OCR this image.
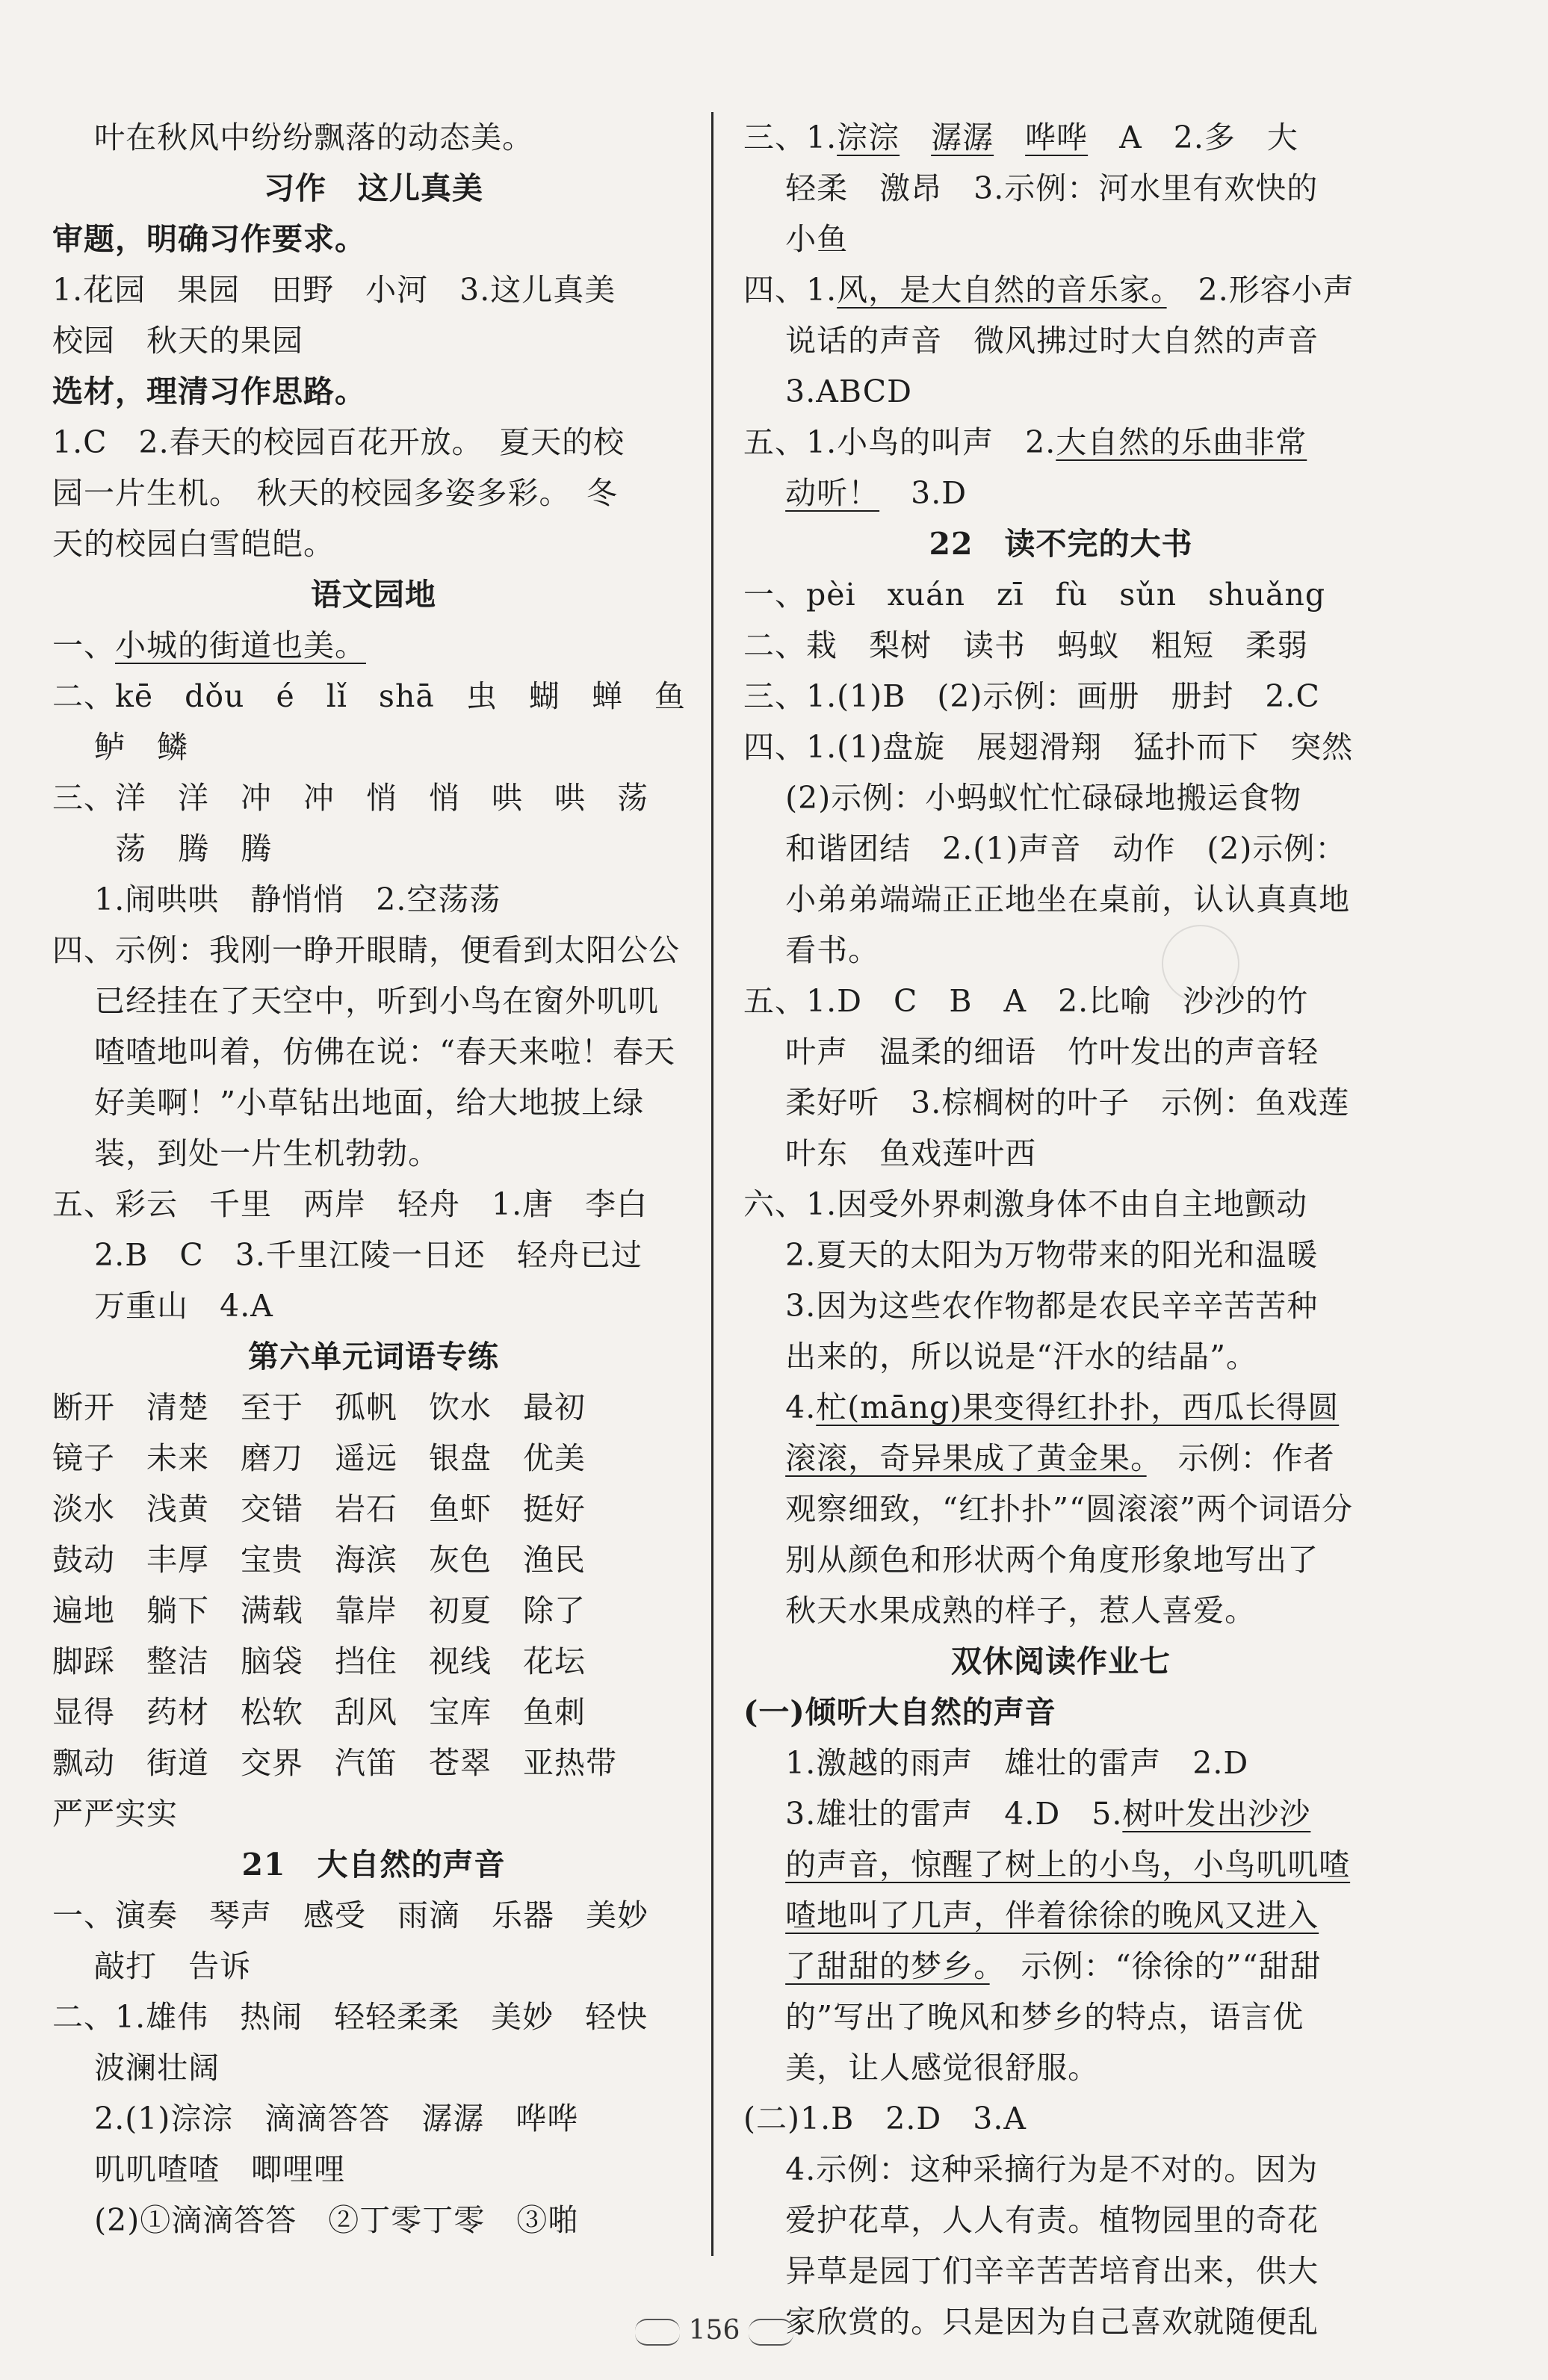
叶在秋风中纷纷飘落的动态美。
习作　这儿真美
审题，明确习作要求。
1.花园　果园　田野　小河　3.这儿真美
校园　秋天的果园
选材，理清习作思路。
1.C　2.春天的校园百花开放。　夏天的校
园一片生机。　秋天的校园多姿多彩。　冬
天的校园白雪皑皑。
语文园地
一、小城的街道也美。
二、kē　dǒu　é　lǐ　shā　虫　蝴　蝉　鱼
鲈　鳞
三、洋　洋　冲　冲　悄　悄　哄　哄　荡
荡　腾　腾
1.闹哄哄　静悄悄　2.空荡荡
四、示例：我刚一睁开眼睛，便看到太阳公公
已经挂在了天空中，听到小鸟在窗外叽叽
喳喳地叫着，仿佛在说：“春天来啦！春天
好美啊！”小草钻出地面，给大地披上绿
装，到处一片生机勃勃。
五、彩云　千里　两岸　轻舟　1.唐　李白
2.B　C　3.千里江陵一日还　轻舟已过
万重山　4.A
第六单元词语专练
断开　清楚　至于　孤帆　饮水　最初
镜子　未来　磨刀　遥远　银盘　优美
淡水　浅黄　交错　岩石　鱼虾　挺好
鼓动　丰厚　宝贵　海滨　灰色　渔民
遍地　躺下　满载　靠岸　初夏　除了
脚踩　整洁　脑袋　挡住　视线　花坛
显得　药材　松软　刮风　宝库　鱼刺
飘动　街道　交界　汽笛　苍翠　亚热带
严严实实
21　大自然的声音
一、演奏　琴声　感受　雨滴　乐器　美妙
敲打　告诉
二、1.雄伟　热闹　轻轻柔柔　美妙　轻快
波澜壮阔
2.(1)淙淙　滴滴答答　潺潺　哗哗
叽叽喳喳　唧哩哩
(2)①滴滴答答　②丁零丁零　③啪
三、1.淙淙　 潺潺　 哗哗　A　2.多　大
轻柔　激昂　3.示例：河水里有欢快的
小鱼
四、1.风，是大自然的音乐家。　2.形容小声
说话的声音　微风拂过时大自然的声音
3.ABCD
五、1.小鸟的叫声　2.大自然的乐曲非常
动听！　3.D
22　读不完的大书
一、pèi　xuán　zī　fù　sǔn　shuǎng
二、栽　梨树　读书　蚂蚁　粗短　柔弱
三、1.(1)B　(2)示例：画册　册封　2.C
四、1.(1)盘旋　展翅滑翔　猛扑而下　突然
(2)示例：小蚂蚁忙忙碌碌地搬运食物
和谐团结　2.(1)声音　动作　(2)示例：
小弟弟端端正正地坐在桌前，认认真真地
看书。
五、1.D　C　B　A　2.比喻　沙沙的竹
叶声　温柔的细语　竹叶发出的声音轻
柔好听　3.棕榈树的叶子　示例：鱼戏莲
叶东　鱼戏莲叶西
六、1.因受外界刺激身体不由自主地颤动
2.夏天的太阳为万物带来的阳光和温暖
3.因为这些农作物都是农民辛辛苦苦种
出来的，所以说是“汗水的结晶”。
4.杧(māng)果变得红扑扑，西瓜长得圆
滚滚，奇异果成了黄金果。　示例：作者
观察细致，“红扑扑”“圆滚滚”两个词语分
别从颜色和形状两个角度形象地写出了
秋天水果成熟的样子，惹人喜爱。
双休阅读作业七
(一)倾听大自然的声音
1.激越的雨声　雄壮的雷声　2.D
3.雄壮的雷声　4.D　5.树叶发出沙沙
的声音，惊醒了树上的小鸟，小鸟叽叽喳
喳地叫了几声，伴着徐徐的晚风又进入
了甜甜的梦乡。　示例：“徐徐的”“甜甜
的”写出了晚风和梦乡的特点，语言优
美，让人感觉很舒服。
(二)1.B　2.D　3.A
4.示例：这种采摘行为是不对的。因为
爱护花草，人人有责。植物园里的奇花
异草是园丁们辛辛苦苦培育出来，供大
家欣赏的。只是因为自己喜欢就随便乱
156
